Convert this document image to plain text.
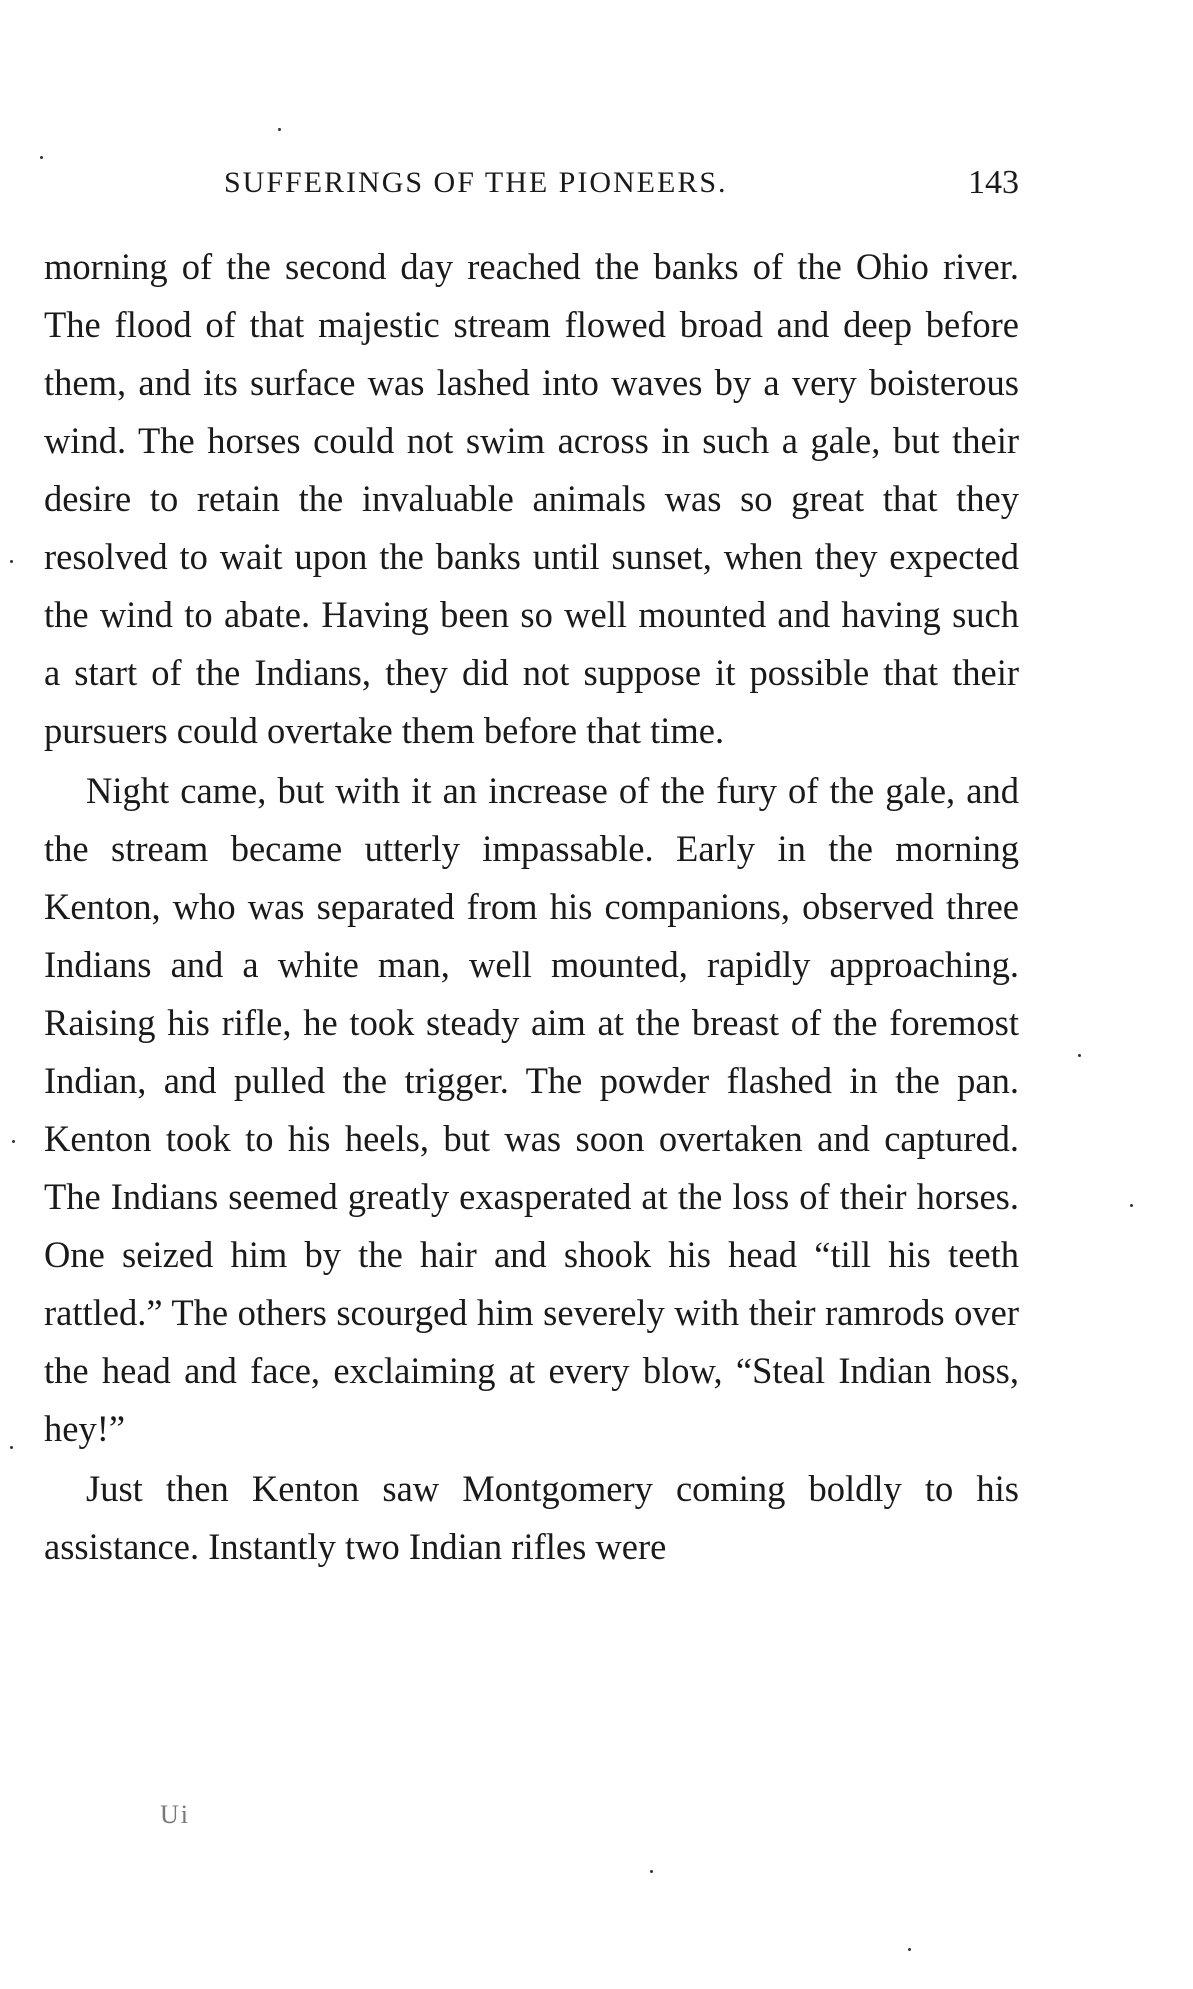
SUFFERINGS OF THE PIONEERS.	143

morning of the second day reached the banks of the Ohio river. The flood of that majestic stream flowed broad and deep before them, and its surface was lashed into waves by a very boisterous wind. The horses could not swim across in such a gale, but their desire to retain the invaluable animals was so great that they resolved to wait upon the banks until sunset, when they expected the wind to abate. Having been so well mounted and having such a start of the Indians, they did not suppose it possible that their pursuers could overtake them before that time.

Night came, but with it an increase of the fury of the gale, and the stream became utterly impassable. Early in the morning Kenton, who was separated from his companions, observed three Indians and a white man, well mounted, rapidly approaching. Raising his rifle, he took steady aim at the breast of the foremost Indian, and pulled the trigger. The powder flashed in the pan. Kenton took to his heels, but was soon overtaken and captured. The Indians seemed greatly exasperated at the loss of their horses. One seized him by the hair and shook his head “till his teeth rattled.” The others scourged him severely with their ramrods over the head and face, exclaiming at every blow, “Steal Indian hoss, hey!”

Just then Kenton saw Montgomery coming boldly to his assistance. Instantly two Indian rifles were

Ui
